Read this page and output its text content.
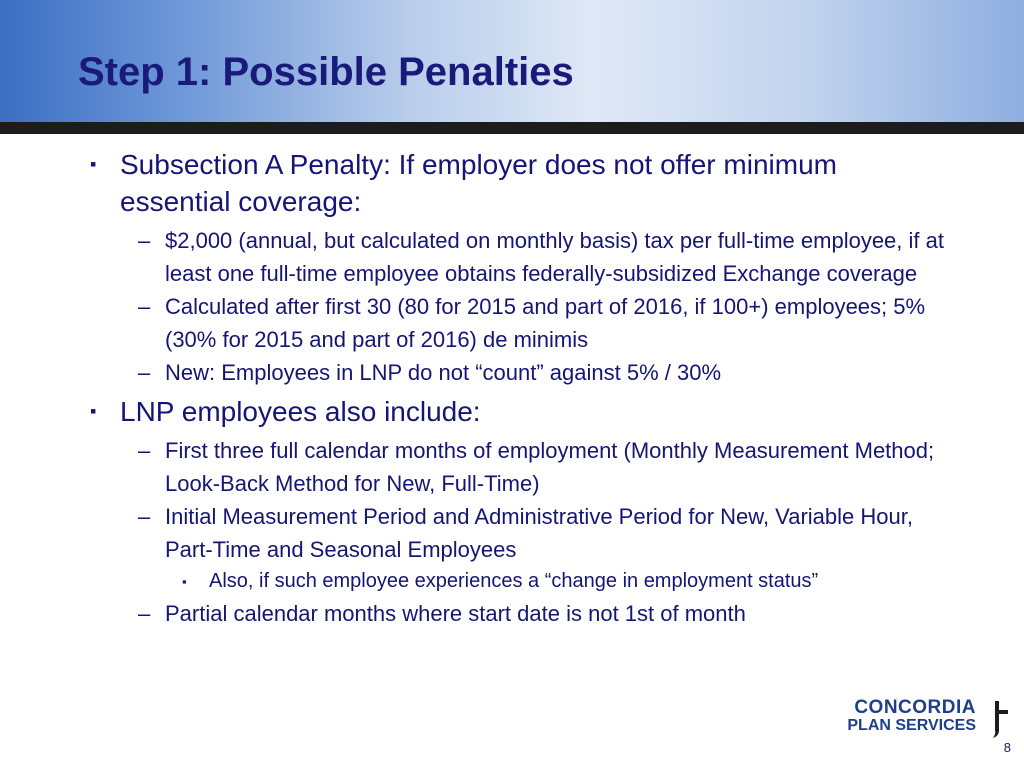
Step 1: Possible Penalties
▪ Subsection A Penalty: If employer does not offer minimum essential coverage:
– $2,000 (annual, but calculated on monthly basis) tax per full-time employee, if at least one full-time employee obtains federally-subsidized Exchange coverage
– Calculated after first 30 (80 for 2015 and part of 2016, if 100+) employees; 5% (30% for 2015 and part of 2016) de minimis
– New: Employees in LNP do not “count” against 5% / 30%
▪ LNP employees also include:
– First three full calendar months of employment (Monthly Measurement Method; Look-Back Method for New, Full-Time)
– Initial Measurement Period and Administrative Period for New, Variable Hour, Part-Time and Seasonal Employees
▪ Also, if such employee experiences a “change in employment status”
– Partial calendar months where start date is not 1st of month
CONCORDIA
PLAN SERVICES
8
